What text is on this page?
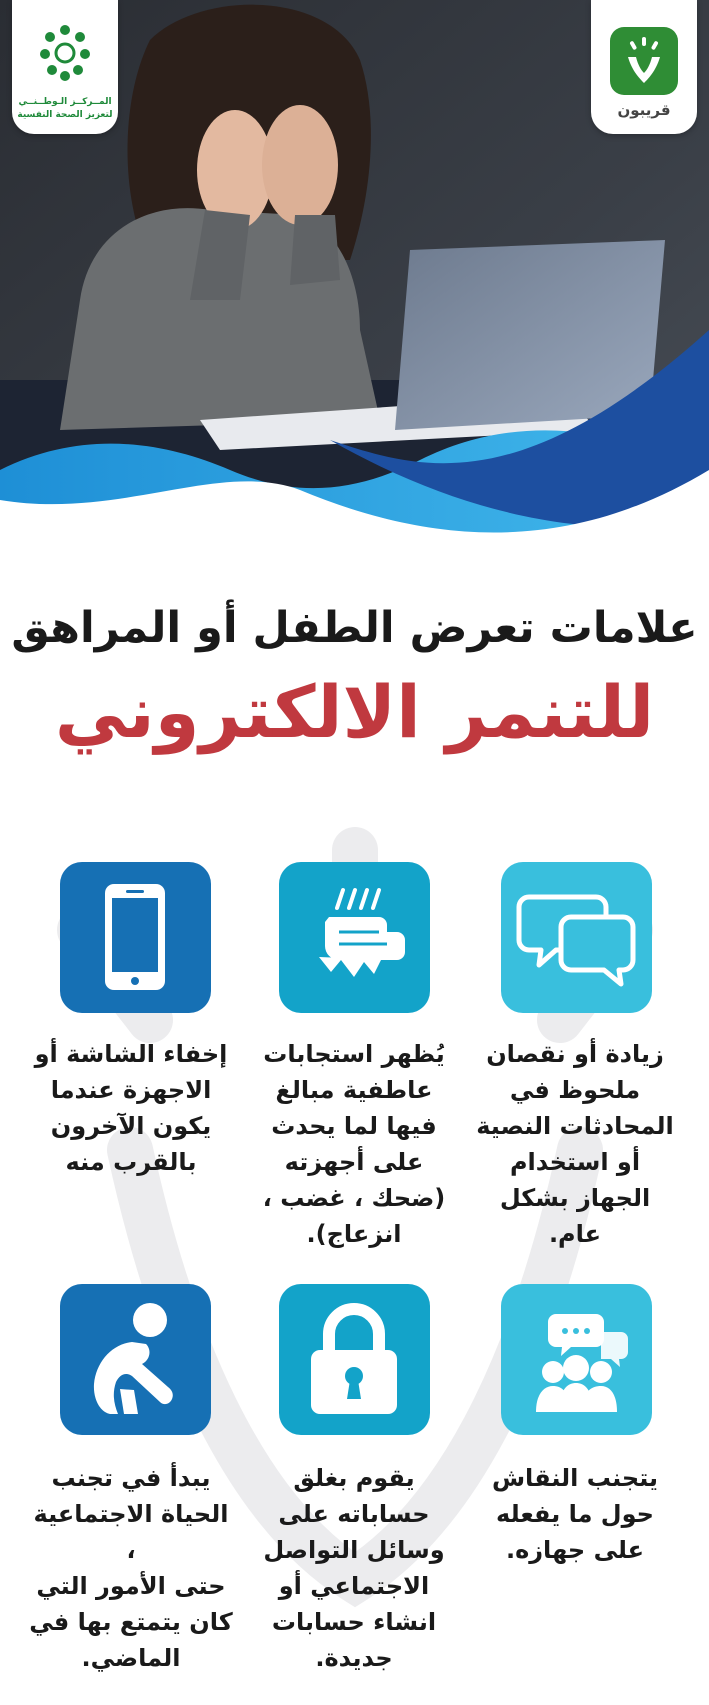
المــركــز الـوطــنــي
لتعزيز الصحة النفسية	قريبون
علامات تعرض الطفل أو المراهق
للتنمر الالكتروني
زيادة أو نقصان
ملحوظ في
المحادثات النصية
أو استخدام
الجهاز بشكل عام.
يُظهر استجابات
عاطفية مبالغ
فيها لما يحدث
على أجهزته
(ضحك ، غضب ،
انزعاج).
إخفاء الشاشة أو
الاجهزة عندما
يكون الآخرون
بالقرب منه
يتجنب النقاش
حول ما يفعله
على جهازه.
يقوم بغلق
حساباته على
وسائل التواصل
الاجتماعي أو
انشاء حسابات
جديدة.
يبدأ في تجنب
الحياة الاجتماعية ،
حتى الأمور التي
كان يتمتع بها في
الماضي.
